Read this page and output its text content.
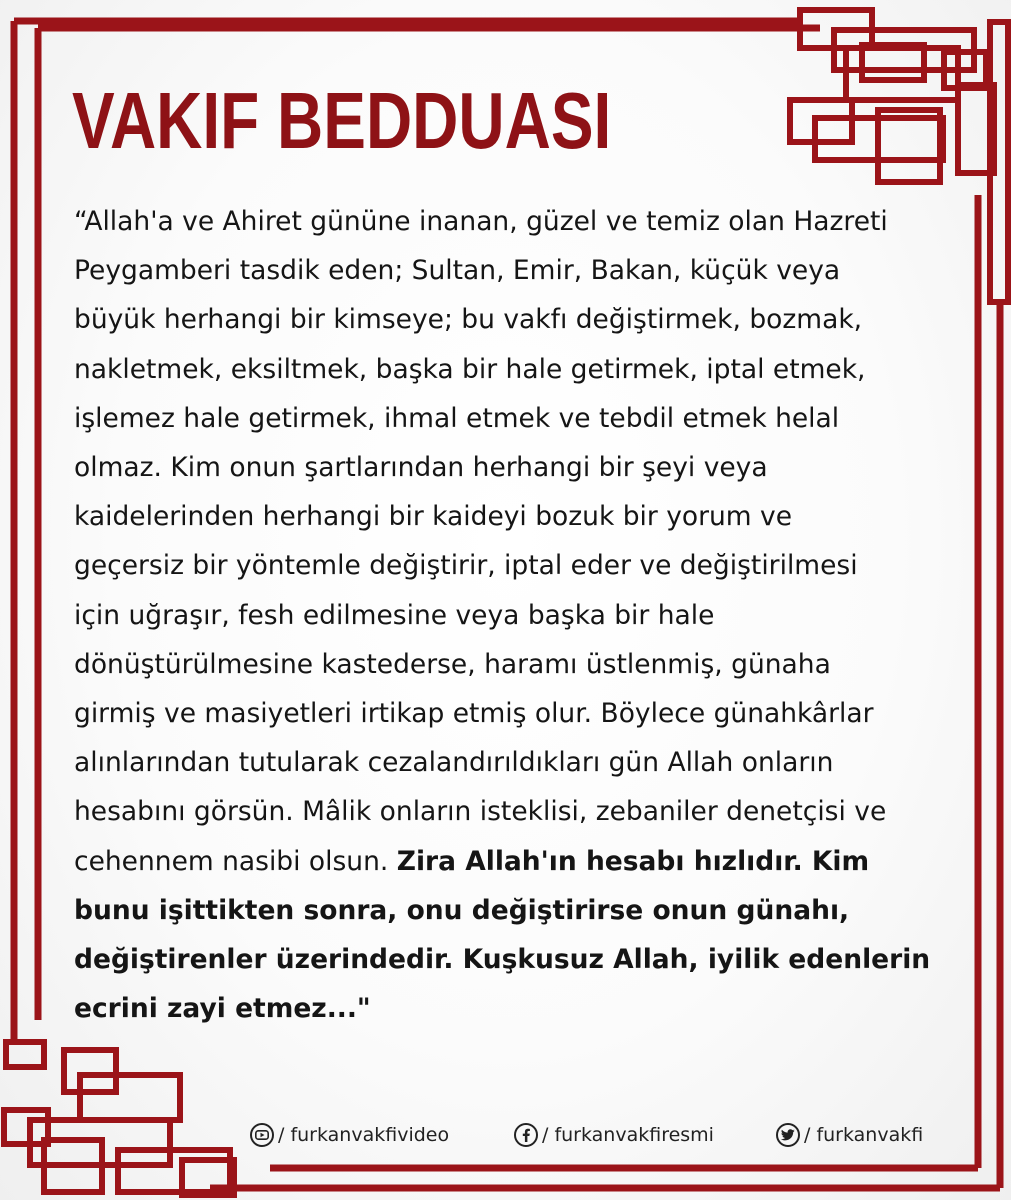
VAKIF BEDDUASI
“Allah'a ve Ahiret gününe inanan, güzel ve temiz olan Hazreti
Peygamberi tasdik eden; Sultan, Emir, Bakan, küçük veya
büyük herhangi bir kimseye; bu vakfı değiştirmek, bozmak,
nakletmek, eksiltmek, başka bir hale getirmek, iptal etmek,
işlemez hale getirmek, ihmal etmek ve tebdil etmek helal
olmaz. Kim onun şartlarından herhangi bir şeyi veya
kaidelerinden herhangi bir kaideyi bozuk bir yorum ve
geçersiz bir yöntemle değiştirir, iptal eder ve değiştirilmesi
için uğraşır, fesh edilmesine veya başka bir hale
dönüştürülmesine kastederse, haramı üstlenmiş, günaha
girmiş ve masiyetleri irtikap etmiş olur. Böylece günahkârlar
alınlarından tutularak cezalandırıldıkları gün Allah onların
hesabını görsün. Mâlik onların isteklisi, zebaniler denetçisi ve
cehennem nasibi olsun. Zira Allah'ın hesabı hızlıdır. Kim
bunu işittikten sonra, onu değiştirirse onun günahı,
değiştirenler üzerindedir. Kuşkusuz Allah, iyilik edenlerin
ecrini zayi etmez..."
/ furkanvakfivideo	/ furkanvakfiresmi	/ furkanvakfi
